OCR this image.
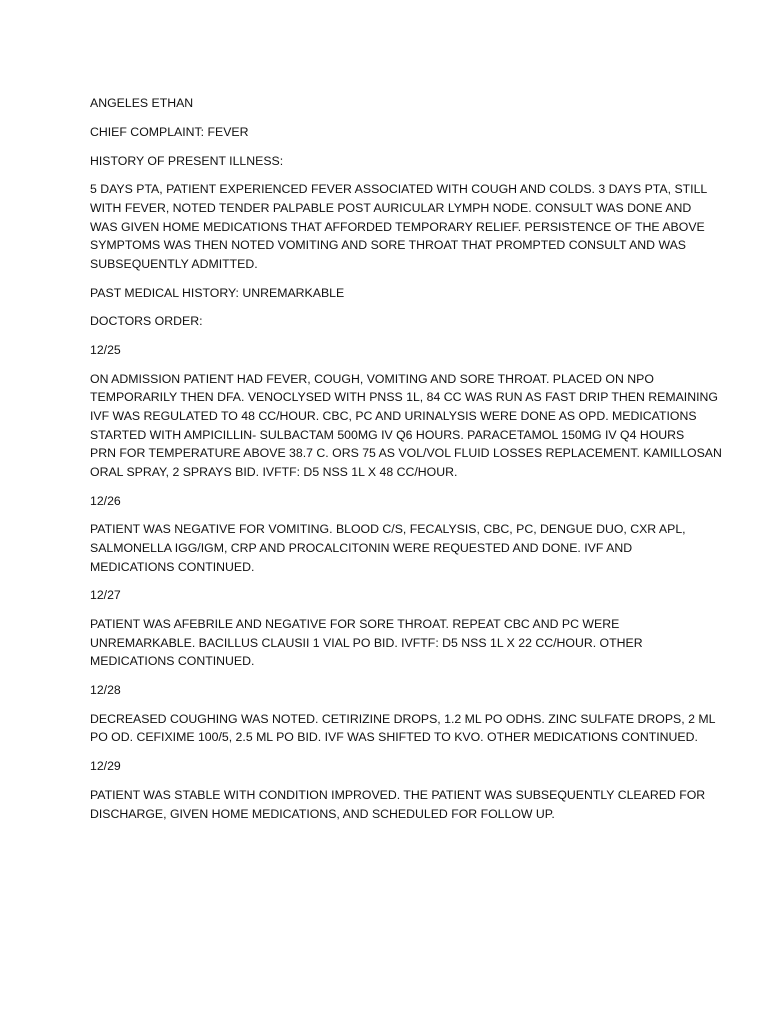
ANGELES ETHAN

CHIEF COMPLAINT: FEVER

HISTORY OF PRESENT ILLNESS:

5 DAYS PTA, PATIENT EXPERIENCED FEVER ASSOCIATED WITH COUGH AND COLDS. 3 DAYS PTA, STILL
WITH FEVER, NOTED TENDER PALPABLE POST AURICULAR LYMPH NODE. CONSULT WAS DONE AND
WAS GIVEN HOME MEDICATIONS THAT AFFORDED TEMPORARY RELIEF. PERSISTENCE OF THE ABOVE
SYMPTOMS WAS THEN NOTED VOMITING AND SORE THROAT THAT PROMPTED CONSULT AND WAS
SUBSEQUENTLY ADMITTED.

PAST MEDICAL HISTORY: UNREMARKABLE

DOCTORS ORDER:

12/25

ON ADMISSION PATIENT HAD FEVER, COUGH, VOMITING AND SORE THROAT. PLACED ON NPO
TEMPORARILY THEN DFA. VENOCLYSED WITH PNSS 1L, 84 CC WAS RUN AS FAST DRIP THEN REMAINING
IVF WAS REGULATED TO 48 CC/HOUR. CBC, PC AND URINALYSIS WERE DONE AS OPD. MEDICATIONS
STARTED WITH AMPICILLIN- SULBACTAM 500MG IV Q6 HOURS. PARACETAMOL 150MG IV Q4 HOURS
PRN FOR TEMPERATURE ABOVE 38.7 C. ORS 75 AS VOL/VOL FLUID LOSSES REPLACEMENT. KAMILLOSAN
ORAL SPRAY, 2 SPRAYS BID. IVFTF: D5 NSS 1L X 48 CC/HOUR.

12/26

PATIENT WAS NEGATIVE FOR VOMITING. BLOOD C/S, FECALYSIS, CBC, PC, DENGUE DUO, CXR APL,
SALMONELLA IGG/IGM, CRP AND PROCALCITONIN WERE REQUESTED AND DONE. IVF AND
MEDICATIONS CONTINUED.

12/27

PATIENT WAS AFEBRILE AND NEGATIVE FOR SORE THROAT. REPEAT CBC AND PC WERE
UNREMARKABLE. BACILLUS CLAUSII 1 VIAL PO BID. IVFTF: D5 NSS 1L X 22 CC/HOUR. OTHER
MEDICATIONS CONTINUED.

12/28

DECREASED COUGHING WAS NOTED. CETIRIZINE DROPS, 1.2 ML PO ODHS. ZINC SULFATE DROPS, 2 ML
PO OD. CEFIXIME 100/5, 2.5 ML PO BID. IVF WAS SHIFTED TO KVO. OTHER MEDICATIONS CONTINUED.

12/29

PATIENT WAS STABLE WITH CONDITION IMPROVED. THE PATIENT WAS SUBSEQUENTLY CLEARED FOR
DISCHARGE, GIVEN HOME MEDICATIONS, AND SCHEDULED FOR FOLLOW UP.
